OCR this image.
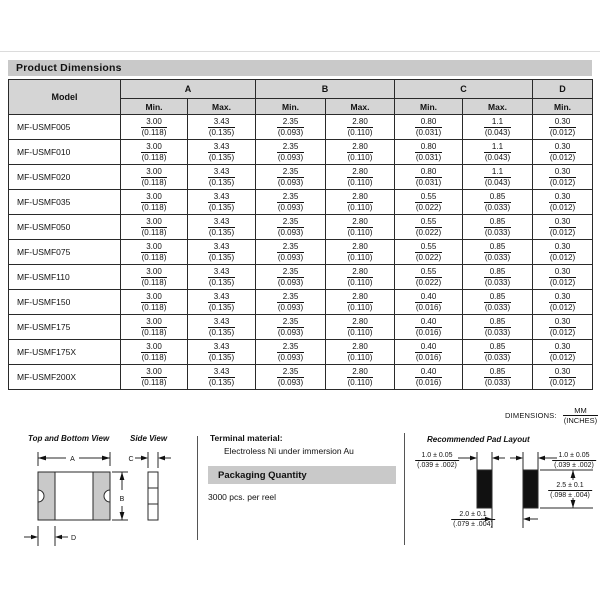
Product Dimensions
Model	A		B		C		D
	Min.	Max.	Min.	Max.	Min.	Max.	Min.
MF-USMF005	$\frac{3.00}{(0.118)}$	$\frac{3.43}{(0.135)}$	$\frac{2.35}{(0.093)}$	$\frac{2.80}{(0.110)}$	$\frac{0.80}{(0.031)}$	$\frac{1.1}{(0.043)}$	$\frac{0.30}{(0.012)}$

MF-USMF010	$\frac{3.00}{(0.118)}$	$\frac{3.43}{(0.135)}$	$\frac{2.35}{(0.093)}$	$\frac{2.80}{(0.110)}$	$\frac{0.80}{(0.031)}$	$\frac{1.1}{(0.043)}$	$\frac{0.30}{(0.012)}$

MF-USMF020	$\frac{3.00}{(0.118)}$	$\frac{3.43}{(0.135)}$	$\frac{2.35}{(0.093)}$	$\frac{2.80}{(0.110)}$	$\frac{0.80}{(0.031)}$	$\frac{1.1}{(0.043)}$	$\frac{0.30}{(0.012)}$

MF-USMF035	$\frac{3.00}{(0.118)}$	$\frac{3.43}{(0.135)}$	$\frac{2.35}{(0.093)}$	$\frac{2.80}{(0.110)}$	$\frac{0.55}{(0.022)}$	$\frac{0.85}{(0.033)}$	$\frac{0.30}{(0.012)}$

MF-USMF050	$\frac{3.00}{(0.118)}$	$\frac{3.43}{(0.135)}$	$\frac{2.35}{(0.093)}$	$\frac{2.80}{(0.110)}$	$\frac{0.55}{(0.022)}$	$\frac{0.85}{(0.033)}$	$\frac{0.30}{(0.012)}$

MF-USMF075	$\frac{3.00}{(0.118)}$	$\frac{3.43}{(0.135)}$	$\frac{2.35}{(0.093)}$	$\frac{2.80}{(0.110)}$	$\frac{0.55}{(0.022)}$	$\frac{0.85}{(0.033)}$	$\frac{0.30}{(0.012)}$

MF-USMF110	$\frac{3.00}{(0.118)}$	$\frac{3.43}{(0.135)}$	$\frac{2.35}{(0.093)}$	$\frac{2.80}{(0.110)}$	$\frac{0.55}{(0.022)}$	$\frac{0.85}{(0.033)}$	$\frac{0.30}{(0.012)}$

MF-USMF150	$\frac{3.00}{(0.118)}$	$\frac{3.43}{(0.135)}$	$\frac{2.35}{(0.093)}$	$\frac{2.80}{(0.110)}$	$\frac{0.40}{(0.016)}$	$\frac{0.85}{(0.033)}$	$\frac{0.30}{(0.012)}$

MF-USMF175	$\frac{3.00}{(0.118)}$	$\frac{3.43}{(0.135)}$	$\frac{2.35}{(0.093)}$	$\frac{2.80}{(0.110)}$	$\frac{0.40}{(0.016)}$	$\frac{0.85}{(0.033)}$	$\frac{0.30}{(0.012)}$

MF-USMF175X	$\frac{3.00}{(0.118)}$	$\frac{3.43}{(0.135)}$	$\frac{2.35}{(0.093)}$	$\frac{2.80}{(0.110)}$	$\frac{0.40}{(0.016)}$	$\frac{0.85}{(0.033)}$	$\frac{0.30}{(0.012)}$

MF-USMF200X	$\frac{3.00}{(0.118)}$	$\frac{3.43}{(0.135)}$	$\frac{2.35}{(0.093)}$	$\frac{2.80}{(0.110)}$	$\frac{0.40}{(0.016)}$	$\frac{0.85}{(0.033)}$	$\frac{0.30}{(0.012)}$
DIMENSIONS: $\frac{MM}{\text{(INCHES)}}$
Top and Bottom View	Side View
A
B
D
C
Terminal material:
Electroless Ni under immersion Au
Packaging Quantity
3000 pcs. per reel
Recommended Pad Layout
1.0 ± 0.05
(.039 ± .002)
1.0 ± 0.05
(.039 ± .002)
2.5 ± 0.1
(.098 ± .004)
2.0 ± 0.1
(.079 ± .004)
